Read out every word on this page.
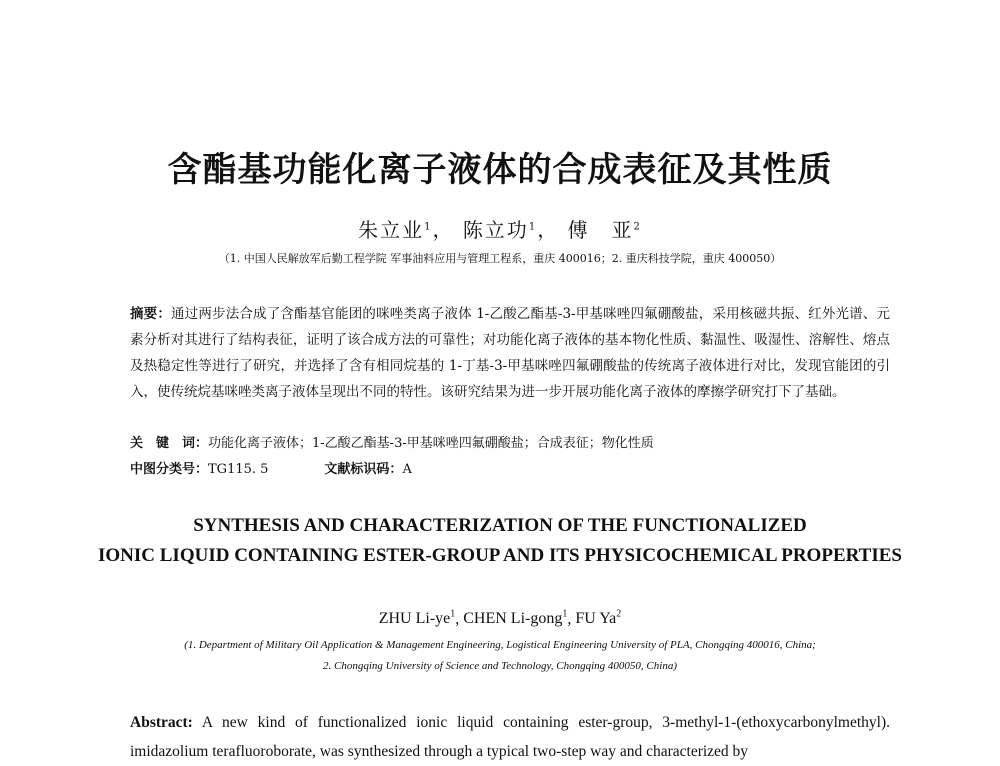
含酯基功能化离子液体的合成表征及其性质
朱立业$^1$， 陈立功$^1$， 傅　亚$^2$
（1. 中国人民解放军后勤工程学院 军事油料应用与管理工程系，重庆 400016；2. 重庆科技学院，重庆 400050）
摘要：通过两步法合成了含酯基官能团的咪唑类离子液体 1-乙酸乙酯基-3-甲基咪唑四氟硼酸盐，采用核磁共振、红外光谱、元素分析对其进行了结构表征，证明了该合成方法的可靠性；对功能化离子液体的基本物化性质、黏温性、吸湿性、溶解性、熔点及热稳定性等进行了研究，并选择了含有相同烷基的 1-丁基-3-甲基咪唑四氟硼酸盐的传统离子液体进行对比，发现官能团的引入，使传统烷基咪唑类离子液体呈现出不同的特性。该研究结果为进一步开展功能化离子液体的摩擦学研究打下了基础。
关　键　词：功能化离子液体；1-乙酸乙酯基-3-甲基咪唑四氟硼酸盐；合成表征；物化性质
中图分类号：TG115. 5	文献标识码：A
SYNTHESIS AND CHARACTERIZATION OF THE FUNCTIONALIZED
IONIC LIQUID CONTAINING ESTER-GROUP AND ITS PHYSICOCHEMICAL PROPERTIES
ZHU $Li-ye^1$, CHEN Li-gong$^1$, FU Ya$^2$
(1. Department of Military Oil Application & Management Engineering, Logistical Engineering University of PLA, Chongqing 400016, China;
2. Chongqing University of Science and Technology, Chongqing 400050, China)
Abstract: A new kind of functionalized ionic liquid containing ester-group, 3-methyl-1-(ethoxycarbonylmethyl). imidazolium terafluoroborate, was synthesized through a typical two-step way and characterized by
